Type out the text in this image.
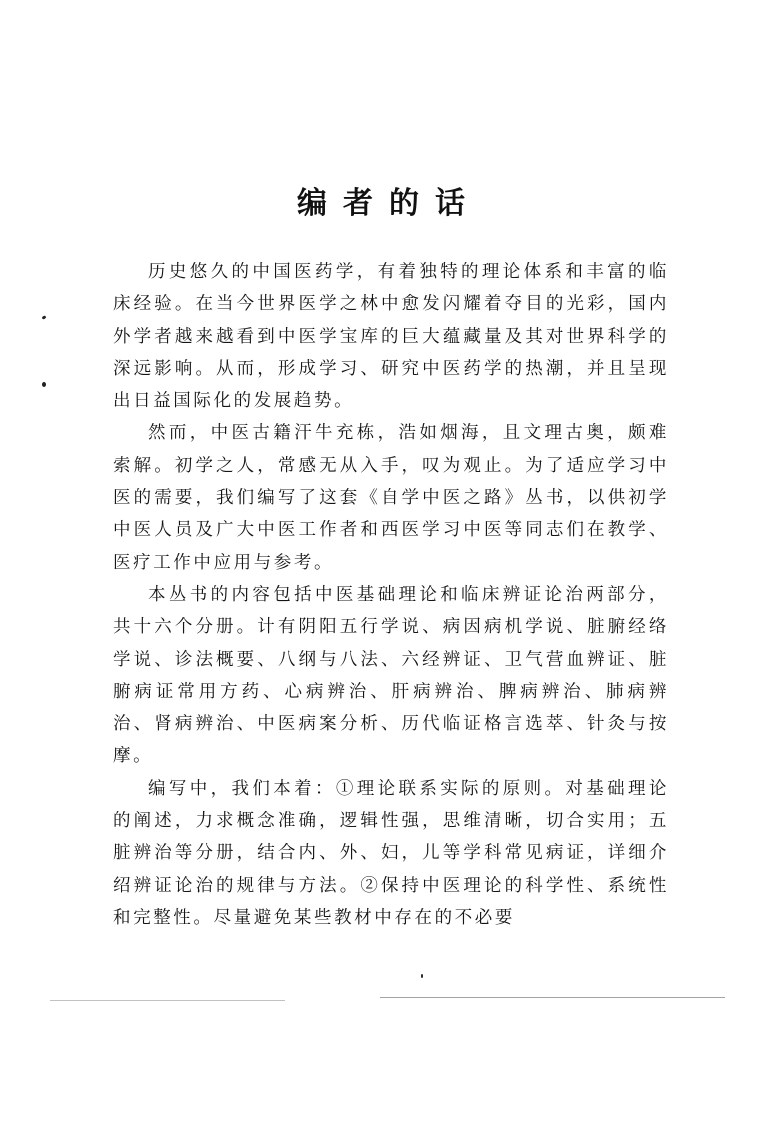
编者的话

历史悠久的中国医药学，有着独特的理论体系和丰富的临床经验。在当今世界医学之林中愈发闪耀着夺目的光彩，国内外学者越来越看到中医学宝库的巨大蕴藏量及其对世界科学的深远影响。从而，形成学习、研究中医药学的热潮，并且呈现出日益国际化的发展趋势。

然而，中医古籍汗牛充栋，浩如烟海，且文理古奥，颇难索解。初学之人，常感无从入手，叹为观止。为了适应学习中医的需要，我们编写了这套《自学中医之路》丛书，以供初学中医人员及广大中医工作者和西医学习中医等同志们在教学、医疗工作中应用与参考。

本丛书的内容包括中医基础理论和临床辨证论治两部分，共十六个分册。计有阴阳五行学说、病因病机学说、脏腑经络学说、诊法概要、八纲与八法、六经辨证、卫气营血辨证、脏腑病证常用方药、心病辨治、肝病辨治、脾病辨治、肺病辨治、肾病辨治、中医病案分析、历代临证格言选萃、针灸与按摩。

编写中，我们本着：①理论联系实际的原则。对基础理论的阐述，力求概念准确，逻辑性强，思维清晰，切合实用；五脏辨治等分册，结合内、外、妇，儿等学科常见病证，详细介绍辨证论治的规律与方法。②保持中医理论的科学性、系统性和完整性。尽量避免某些教材中存在的不必要
